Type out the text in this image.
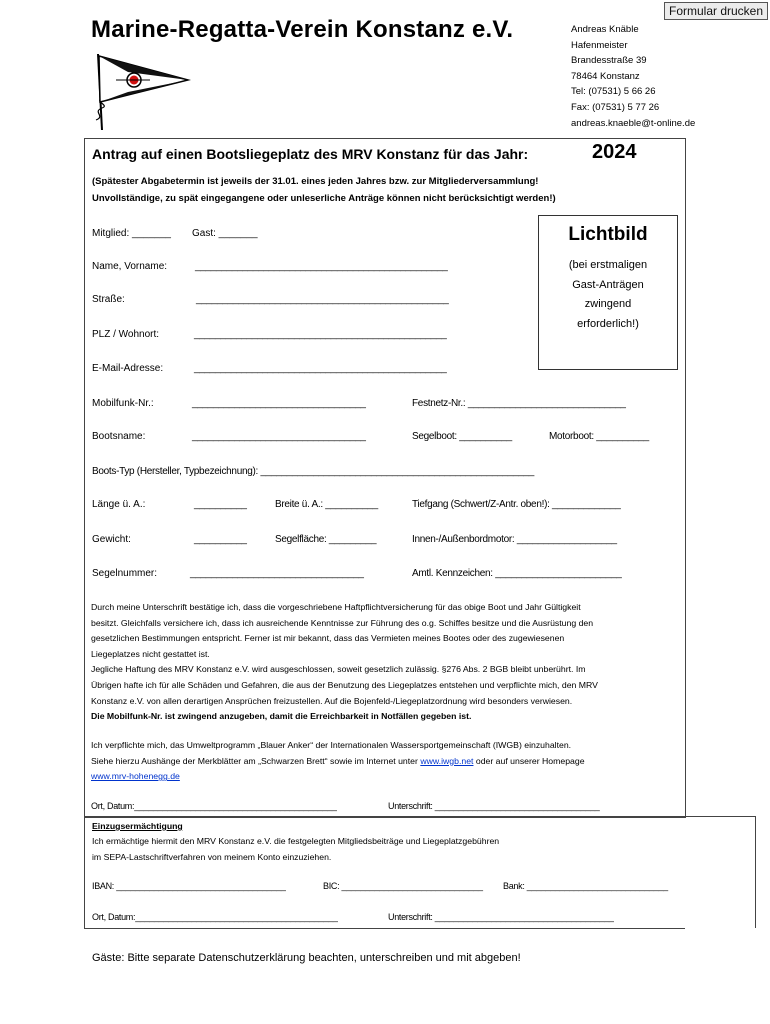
Formular drucken
Marine-Regatta-Verein Konstanz e.V.	Andreas Knäble
Hafenmeister
Brandesstraße 39
78464 Konstanz
Tel: (07531) 5 66 26
Fax: (07531) 5 77 26
andreas.knaeble@t-online.de
Antrag auf einen Bootsliegeplatz des MRV Konstanz für das Jahr:	2024
(Spätester Abgabetermin ist jeweils der 31.01. eines jeden Jahres bzw. zur Mitgliederversammlung!
Unvollständige, zu spät eingegangene oder unleserliche Anträge können nicht berücksichtigt werden!)
Mitglied: _______ Gast: _______
Name, Vorname:	________________________________________________
Straße:	________________________________________________
PLZ / Wohnort:	________________________________________________
E-Mail-Adresse:	________________________________________________
Lichtbild
(bei erstmaligen
Gast-Anträgen
zwingend
erforderlich!)
Mobilfunk-Nr.:	_________________________________	Festnetz-Nr.: ______________________________
Bootsname:	_________________________________	Segelboot: __________	Motorboot: __________
Boots-Typ (Hersteller, Typbezeichnung): ____________________________________________________
Länge ü. A.:	__________	Breite ü. A.: __________	Tiefgang (Schwert/Z-Antr. oben!): _____________
Gewicht:	__________	Segelfläche: _________	Innen-/Außenbordmotor: ___________________
Segelnummer:	_________________________________	Amtl. Kennzeichen: ________________________
Durch meine Unterschrift bestätige ich, dass die vorgeschriebene Haftpflichtversicherung für das obige Boot und Jahr Gültigkeit
besitzt. Gleichfalls versichere ich, dass ich ausreichende Kenntnisse zur Führung des o.g. Schiffes besitze und die Ausrüstung den
gesetzlichen Bestimmungen entspricht. Ferner ist mir bekannt, dass das Vermieten meines Bootes oder des zugewiesenen
Liegeplatzes nicht gestattet ist.
Jegliche Haftung des MRV Konstanz e.V. wird ausgeschlossen, soweit gesetzlich zulässig. §276 Abs. 2 BGB bleibt unberührt. Im
Übrigen hafte ich für alle Schäden und Gefahren, die aus der Benutzung des Liegeplatzes entstehen und verpflichte mich, den MRV
Konstanz e.V. von allen derartigen Ansprüchen freizustellen. Auf die Bojenfeld-/Liegeplatzordnung wird besonders verwiesen.
Die Mobilfunk-Nr. ist zwingend anzugeben, damit die Erreichbarkeit in Notfällen gegeben ist.
Ich verpflichte mich, das Umweltprogramm „Blauer Anker“ der Internationalen Wassersportgemeinschaft (IWGB) einzuhalten.
Siehe hierzu Aushänge der Merkblätter am „Schwarzen Brett“ sowie im Internet unter www.iwgb.net oder auf unserer Homepage
www.mrv-hohenegg.de
Ort, Datum:___________________________________________	Unterschrift: ___________________________________
Einzugsermächtigung
Ich ermächtige hiermit den MRV Konstanz e.V. die festgelegten Mitgliedsbeiträge und Liegeplatzgebühren
im SEPA-Lastschriftverfahren von meinem Konto einzuziehen.
IBAN: ____________________________________	BIC: ______________________________ Bank: ______________________________
Ort, Datum:___________________________________________	Unterschrift: ______________________________________
Gäste: Bitte separate Datenschutzerklärung beachten, unterschreiben und mit abgeben!
